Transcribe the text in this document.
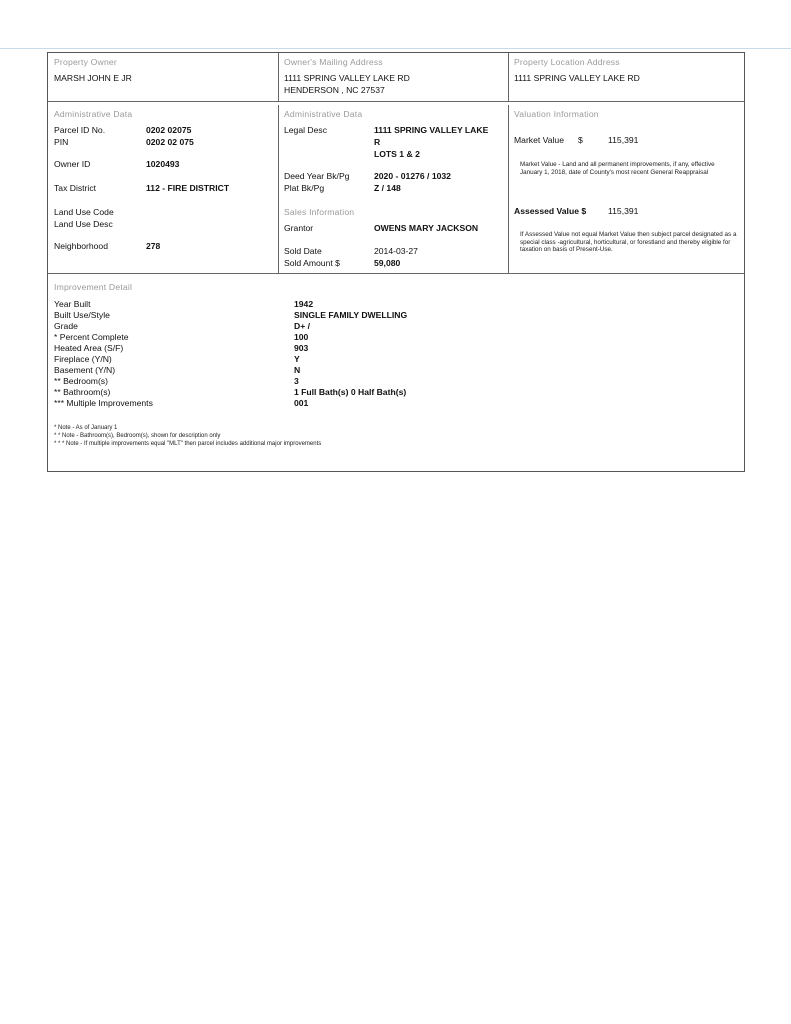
Property Owner
MARSH JOHN E JR
Owner's Mailing Address
1111 SPRING VALLEY LAKE RD
HENDERSON , NC 27537
Property Location Address
1111 SPRING VALLEY LAKE RD
Administrative Data
Parcel ID No.	0202 02075
PIN	0202 02 075
Owner ID	1020493
Tax District	112 - FIRE DISTRICT
Land Use Code
Land Use Desc
Neighborhood	278
Administrative Data
Legal Desc	1111 SPRING VALLEY LAKE
R
LOTS 1 & 2
Deed Year Bk/Pg	2020 - 01276 / 1032
Plat Bk/Pg	Z / 148
Sales Information
Grantor	OWENS MARY JACKSON
Sold Date	2014-03-27
Sold Amount $	59,080
Valuation Information
Market Value $	115,391
Market Value - Land and all permanent improvements, if any, effective January 1, 2018, date of County's most recent General Reappraisal
Assessed Value $	115,391
If Assessed Value not equal Market Value then subject parcel designated as a special class -agricultural, horticultural, or forestland and thereby eligible for taxation on basis of Present-Use.
Improvement Detail
Year Built	1942
Built Use/Style	SINGLE FAMILY DWELLING
Grade	D+ /
* Percent Complete	100
Heated Area (S/F)	903
Fireplace (Y/N)	Y
Basement (Y/N)	N
** Bedroom(s)	3
** Bathroom(s)	1 Full Bath(s) 0 Half Bath(s)
*** Multiple Improvements	001
* Note - As of January 1
* * Note - Bathroom(s), Bedroom(s), shown for description only
* * * Note - If multiple improvements equal "MLT" then parcel includes additional major improvements
